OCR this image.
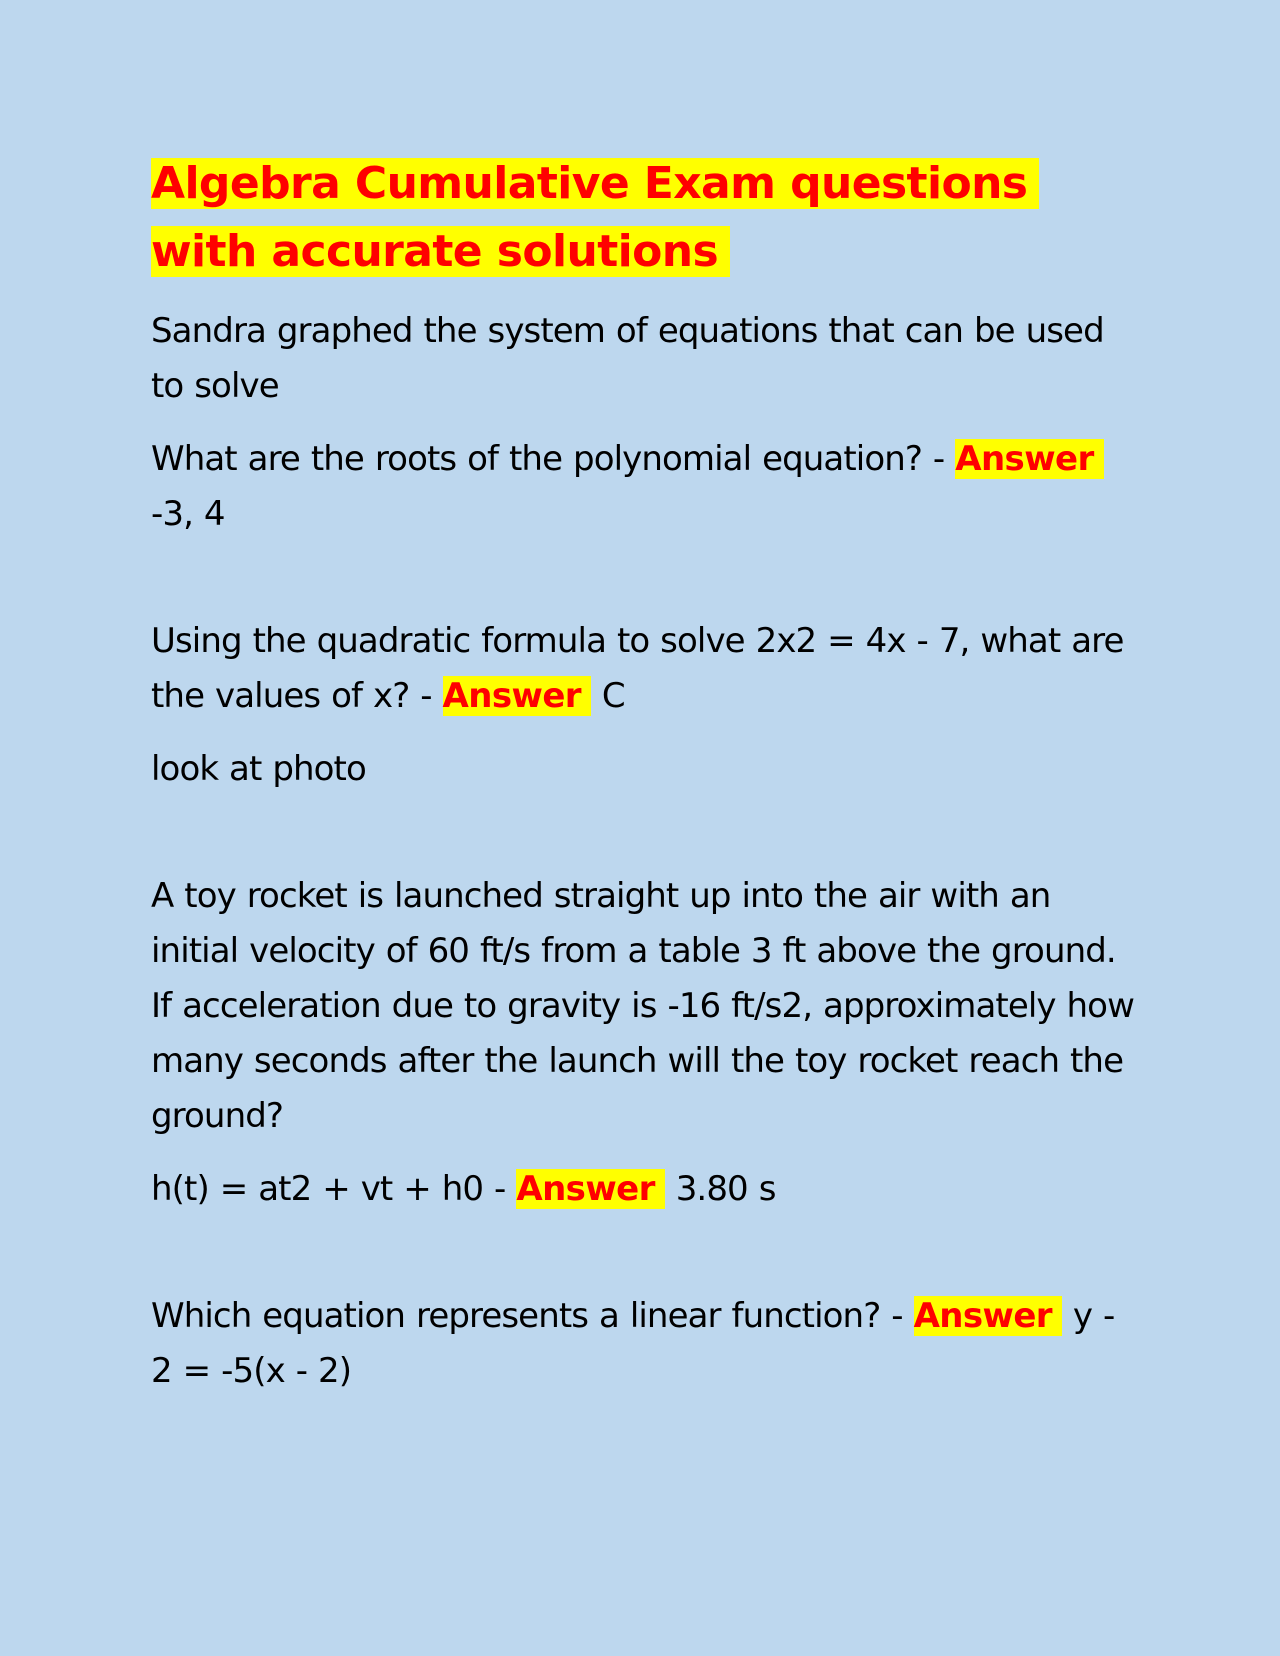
Algebra Cumulative Exam questions with accurate solutions

Sandra graphed the system of equations that can be used to solve

What are the roots of the polynomial equation? - Answer -3, 4

Using the quadratic formula to solve 2x2 = 4x - 7, what are the values of x? - Answer C

look at photo

A toy rocket is launched straight up into the air with an initial velocity of 60 ft/s from a table 3 ft above the ground. If acceleration due to gravity is -16 ft/s2, approximately how many seconds after the launch will the toy rocket reach the ground?

h(t) = at2 + vt + h0 - Answer 3.80 s

Which equation represents a linear function? - Answer y - 2 = -5(x - 2)
